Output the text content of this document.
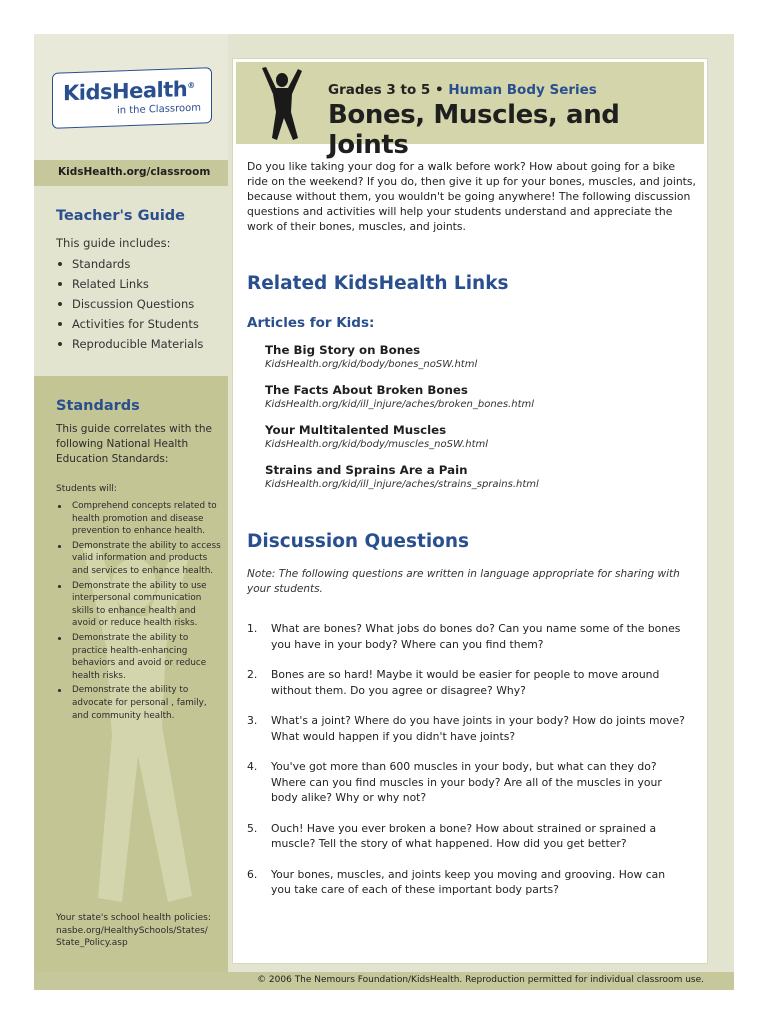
KidsHealth®
in the Classroom
KidsHealth.org/classroom
Teacher's Guide
This guide includes:
Standards
Related Links
Discussion Questions
Activities for Students
Reproducible Materials
Standards
This guide correlates with the following National Health Education Standards:
Students will:
Comprehend concepts related to health promotion and disease prevention to enhance health.
Demonstrate the ability to access valid information and products and services to enhance health.
Demonstrate the ability to use interpersonal communication skills to enhance health and avoid or reduce health risks.
Demonstrate the ability to practice health-enhancing behaviors and avoid or reduce health risks.
Demonstrate the ability to advocate for personal , family, and community health.
Your state's school health policies:
nasbe.org/HealthySchools/States/
State_Policy.asp
Grades 3 to 5 • Human Body Series
Bones, Muscles, and Joints

Do you like taking your dog for a walk before work? How about going for a bike ride on the weekend? If you do, then give it up for your bones, muscles, and joints, because without them, you wouldn't be going anywhere! The following discussion questions and activities will help your students understand and appreciate the work of their bones, muscles, and joints.

Related KidsHealth Links
Articles for Kids:
The Big Story on Bones
KidsHealth.org/kid/body/bones_noSW.html
The Facts About Broken Bones
KidsHealth.org/kid/ill_injure/aches/broken_bones.html
Your Multitalented Muscles
KidsHealth.org/kid/body/muscles_noSW.html
Strains and Sprains Are a Pain
KidsHealth.org/kid/ill_injure/aches/strains_sprains.html
Discussion Questions

Note: The following questions are written in language appropriate for sharing with your students.

1. What are bones? What jobs do bones do? Can you name some of the bones you have in your body? Where can you find them?
2. Bones are so hard! Maybe it would be easier for people to move around without them. Do you agree or disagree? Why?
3. What's a joint? Where do you have joints in your body? How do joints move? What would happen if you didn't have joints?
4. You've got more than 600 muscles in your body, but what can they do? Where can you find muscles in your body? Are all of the muscles in your body alike? Why or why not?
5. Ouch! Have you ever broken a bone? How about strained or sprained a muscle? Tell the story of what happened. How did you get better?
6. Your bones, muscles, and joints keep you moving and grooving. How can you take care of each of these important body parts?
© 2006 The Nemours Foundation/KidsHealth. Reproduction permitted for individual classroom use.
